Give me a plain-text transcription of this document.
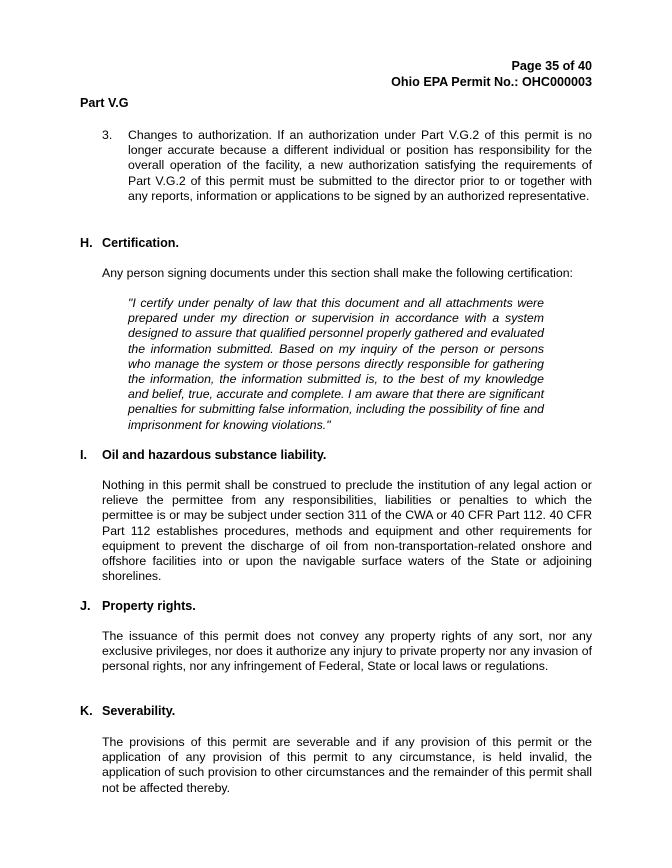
Page 35 of 40
Ohio EPA Permit No.: OHC000003
Part V.G
3. Changes to authorization. If an authorization under Part V.G.2 of this permit is no longer accurate because a different individual or position has responsibility for the overall operation of the facility, a new authorization satisfying the requirements of Part V.G.2 of this permit must be submitted to the director prior to or together with any reports, information or applications to be signed by an authorized representative.
H. Certification.
Any person signing documents under this section shall make the following certification:
"I certify under penalty of law that this document and all attachments were prepared under my direction or supervision in accordance with a system designed to assure that qualified personnel properly gathered and evaluated the information submitted. Based on my inquiry of the person or persons who manage the system or those persons directly responsible for gathering the information, the information submitted is, to the best of my knowledge and belief, true, accurate and complete. I am aware that there are significant penalties for submitting false information, including the possibility of fine and imprisonment for knowing violations."
I. Oil and hazardous substance liability.
Nothing in this permit shall be construed to preclude the institution of any legal action or relieve the permittee from any responsibilities, liabilities or penalties to which the permittee is or may be subject under section 311 of the CWA or 40 CFR Part 112. 40 CFR Part 112 establishes procedures, methods and equipment and other requirements for equipment to prevent the discharge of oil from non-transportation-related onshore and offshore facilities into or upon the navigable surface waters of the State or adjoining shorelines.
J. Property rights.
The issuance of this permit does not convey any property rights of any sort, nor any exclusive privileges, nor does it authorize any injury to private property nor any invasion of personal rights, nor any infringement of Federal, State or local laws or regulations.
K. Severability.
The provisions of this permit are severable and if any provision of this permit or the application of any provision of this permit to any circumstance, is held invalid, the application of such provision to other circumstances and the remainder of this permit shall not be affected thereby.
